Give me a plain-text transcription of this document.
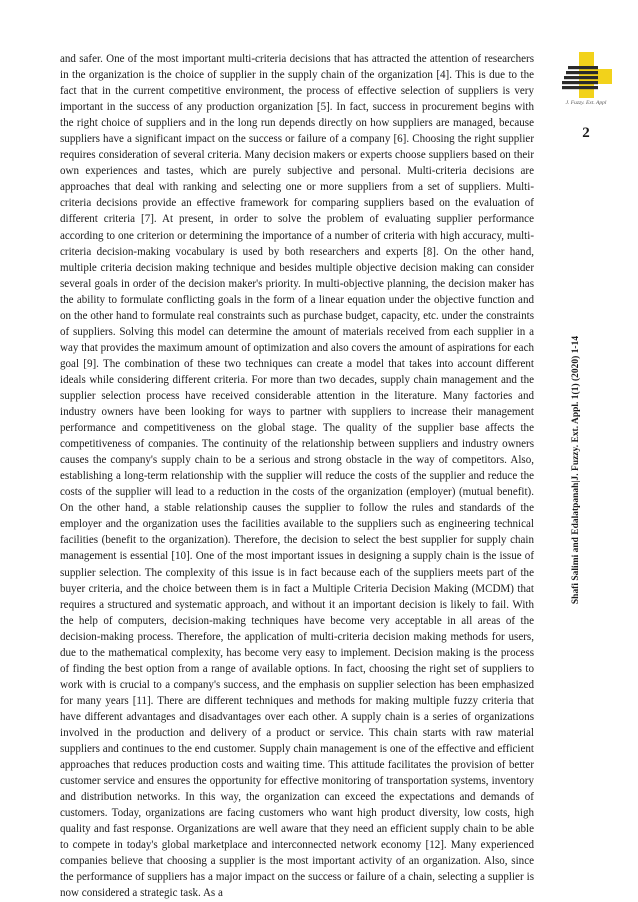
J. Fuzzy. Ext. Appl
2
Shafi Salimi and Edalatpanah|J. Fuzzy. Ext. Appl. 1(1) (2020) 1-14

and safer. One of the most important multi-criteria decisions that has attracted the attention of researchers in the organization is the choice of supplier in the supply chain of the organization [4]. This is due to the fact that in the current competitive environment, the process of effective selection of suppliers is very important in the success of any production organization [5]. In fact, success in procurement begins with the right choice of suppliers and in the long run depends directly on how suppliers are managed, because suppliers have a significant impact on the success or failure of a company [6]. Choosing the right supplier requires consideration of several criteria. Many decision makers or experts choose suppliers based on their own experiences and tastes, which are purely subjective and personal. Multi-criteria decisions are approaches that deal with ranking and selecting one or more suppliers from a set of suppliers. Multi-criteria decisions provide an effective framework for comparing suppliers based on the evaluation of different criteria [7]. At present, in order to solve the problem of evaluating supplier performance according to one criterion or determining the importance of a number of criteria with high accuracy, multi-criteria decision-making vocabulary is used by both researchers and experts [8]. On the other hand, multiple criteria decision making technique and besides multiple objective decision making can consider several goals in order of the decision maker's priority. In multi-objective planning, the decision maker has the ability to formulate conflicting goals in the form of a linear equation under the objective function and on the other hand to formulate real constraints such as purchase budget, capacity, etc. under the constraints of suppliers. Solving this model can determine the amount of materials received from each supplier in a way that provides the maximum amount of optimization and also covers the amount of aspirations for each goal [9]. The combination of these two techniques can create a model that takes into account different ideals while considering different criteria. For more than two decades, supply chain management and the supplier selection process have received considerable attention in the literature. Many factories and industry owners have been looking for ways to partner with suppliers to increase their management performance and competitiveness on the global stage. The quality of the supplier base affects the competitiveness of companies. The continuity of the relationship between suppliers and industry owners causes the company's supply chain to be a serious and strong obstacle in the way of competitors. Also, establishing a long-term relationship with the supplier will reduce the costs of the supplier and reduce the costs of the supplier will lead to a reduction in the costs of the organization (employer) (mutual benefit). On the other hand, a stable relationship causes the supplier to follow the rules and standards of the employer and the organization uses the facilities available to the suppliers such as engineering technical facilities (benefit to the organization). Therefore, the decision to select the best supplier for supply chain management is essential [10]. One of the most important issues in designing a supply chain is the issue of supplier selection. The complexity of this issue is in fact because each of the suppliers meets part of the buyer criteria, and the choice between them is in fact a Multiple Criteria Decision Making (MCDM) that requires a structured and systematic approach, and without it an important decision is likely to fail. With the help of computers, decision-making techniques have become very acceptable in all areas of the decision-making process. Therefore, the application of multi-criteria decision making methods for users, due to the mathematical complexity, has become very easy to implement. Decision making is the process of finding the best option from a range of available options. In fact, choosing the right set of suppliers to work with is crucial to a company's success, and the emphasis on supplier selection has been emphasized for many years [11]. There are different techniques and methods for making multiple fuzzy criteria that have different advantages and disadvantages over each other. A supply chain is a series of organizations involved in the production and delivery of a product or service. This chain starts with raw material suppliers and continues to the end customer. Supply chain management is one of the effective and efficient approaches that reduces production costs and waiting time. This attitude facilitates the provision of better customer service and ensures the opportunity for effective monitoring of transportation systems, inventory and distribution networks. In this way, the organization can exceed the expectations and demands of customers. Today, organizations are facing customers who want high product diversity, low costs, high quality and fast response. Organizations are well aware that they need an efficient supply chain to be able to compete in today's global marketplace and interconnected network economy [12]. Many experienced companies believe that choosing a supplier is the most important activity of an organization. Also, since the performance of suppliers has a major impact on the success or failure of a chain, selecting a supplier is now considered a strategic task. As a
